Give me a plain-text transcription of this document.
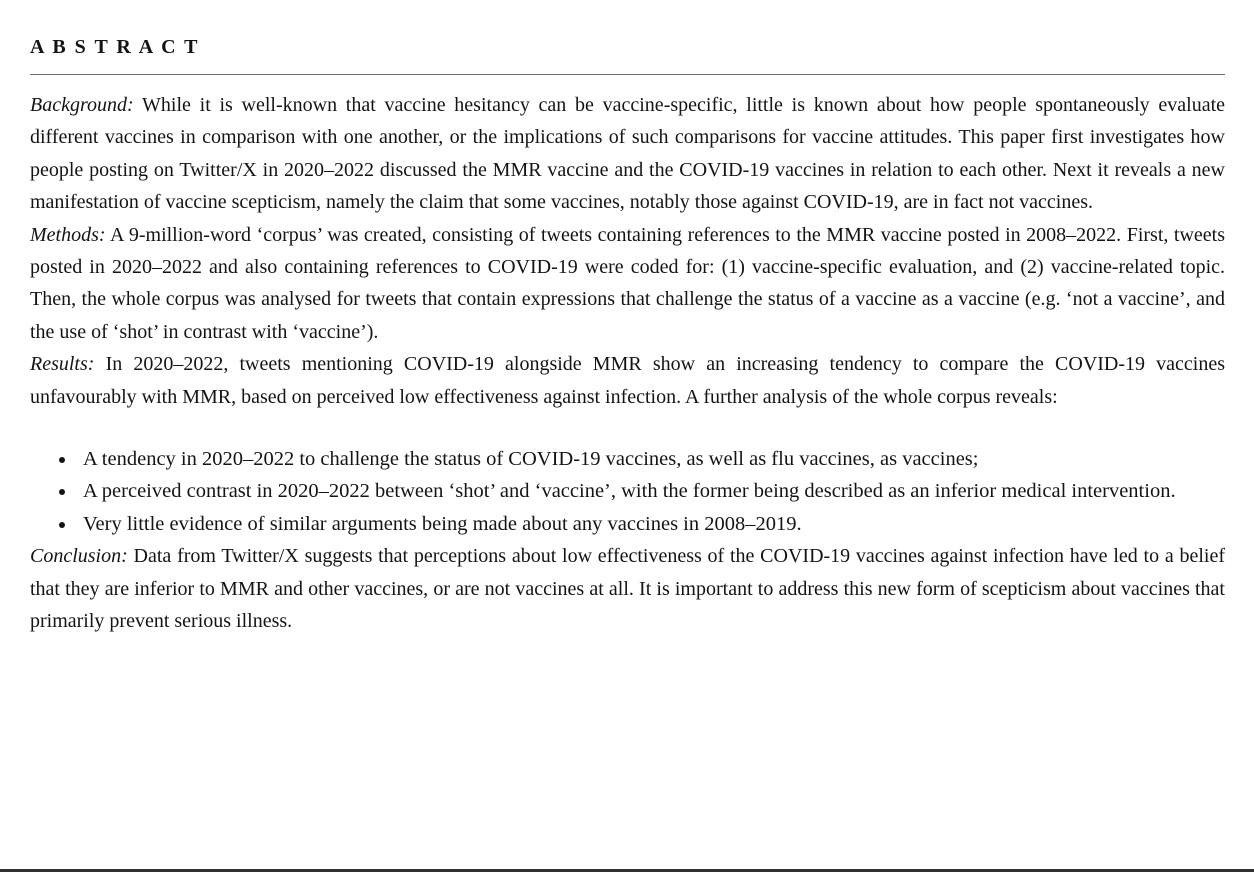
A B S T R A C T

Background: While it is well-known that vaccine hesitancy can be vaccine-specific, little is known about how people spontaneously evaluate different vaccines in comparison with one another, or the implications of such comparisons for vaccine attitudes. This paper first investigates how people posting on Twitter/X in 2020–2022 discussed the MMR vaccine and the COVID-19 vaccines in relation to each other. Next it reveals a new manifestation of vaccine scepticism, namely the claim that some vaccines, notably those against COVID-19, are in fact not vaccines.

Methods: A 9-million-word ‘corpus’ was created, consisting of tweets containing references to the MMR vaccine posted in 2008–2022. First, tweets posted in 2020–2022 and also containing references to COVID-19 were coded for: (1) vaccine-specific evaluation, and (2) vaccine-related topic. Then, the whole corpus was analysed for tweets that contain expressions that challenge the status of a vaccine as a vaccine (e.g. ‘not a vaccine’, and the use of ‘shot’ in contrast with ‘vaccine’).

Results: In 2020–2022, tweets mentioning COVID-19 alongside MMR show an increasing tendency to compare the COVID-19 vaccines unfavourably with MMR, based on perceived low effectiveness against infection. A further analysis of the whole corpus reveals:

• A tendency in 2020–2022 to challenge the status of COVID-19 vaccines, as well as flu vaccines, as vaccines;
• A perceived contrast in 2020–2022 between ‘shot’ and ‘vaccine’, with the former being described as an inferior medical intervention.
• Very little evidence of similar arguments being made about any vaccines in 2008–2019.

Conclusion: Data from Twitter/X suggests that perceptions about low effectiveness of the COVID-19 vaccines against infection have led to a belief that they are inferior to MMR and other vaccines, or are not vaccines at all. It is important to address this new form of scepticism about vaccines that primarily prevent serious illness.
